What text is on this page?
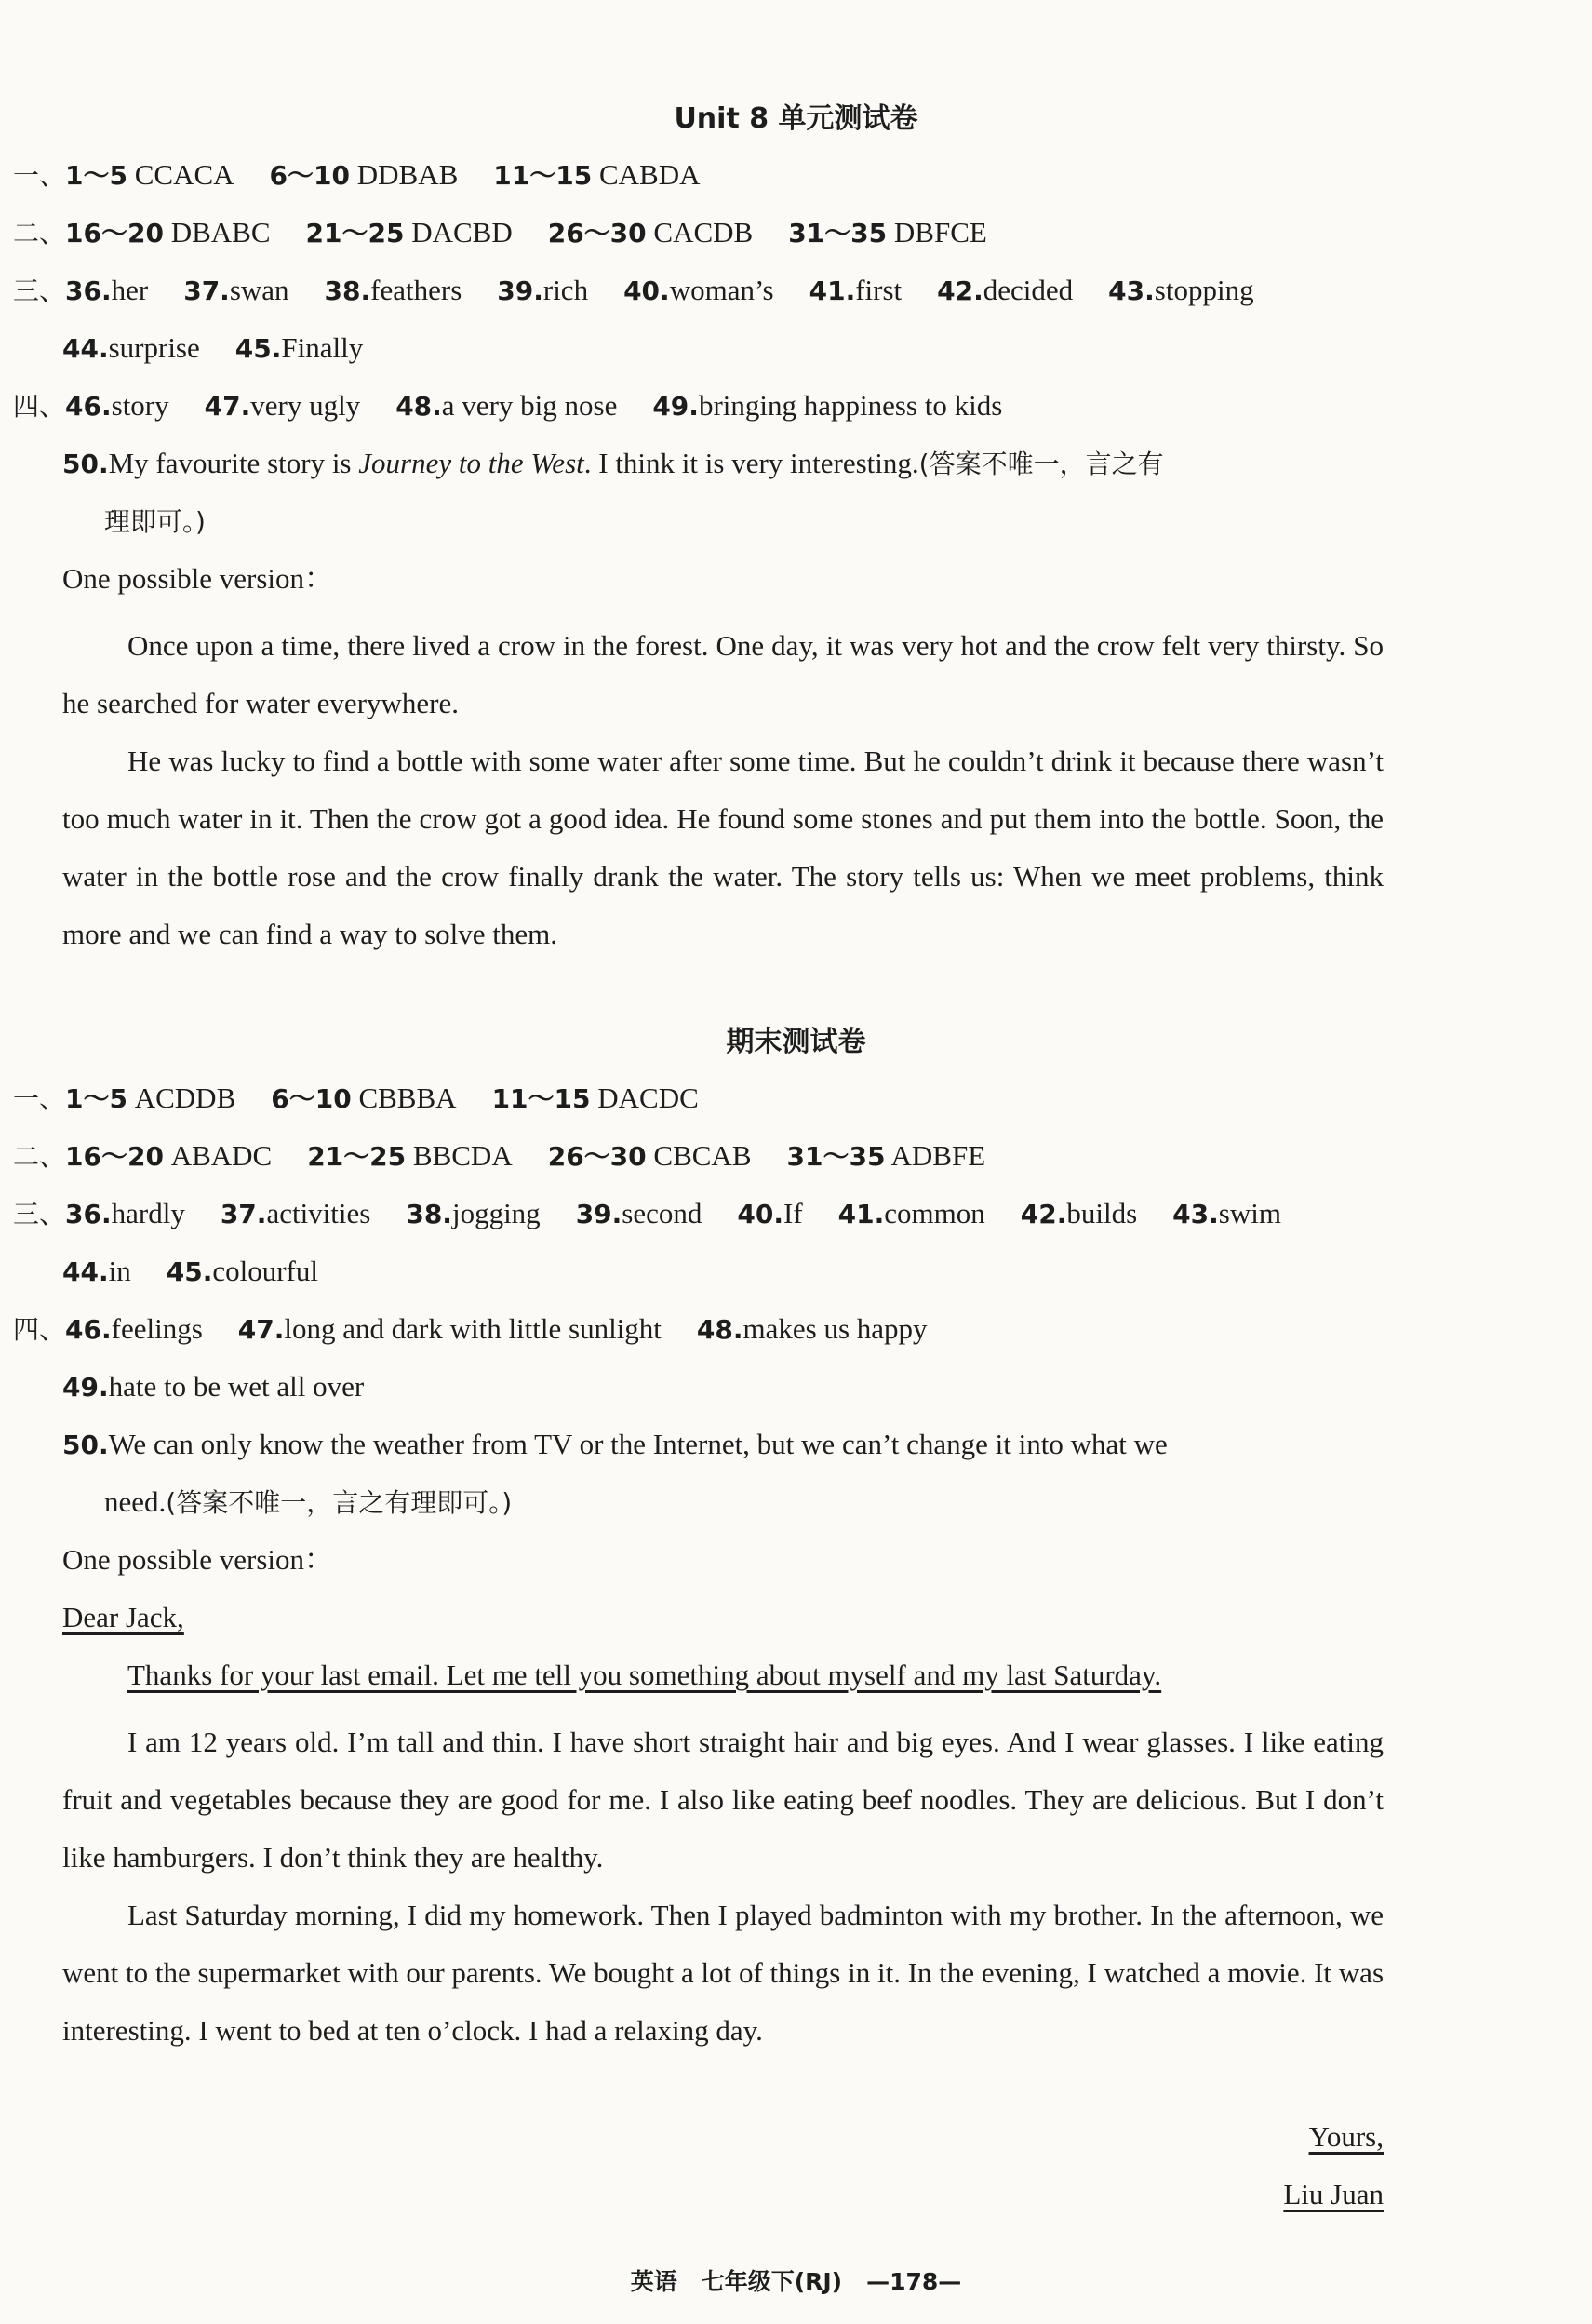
Unit 8 单元测试卷
一、1～5 CCACA 6～10 DDBAB 11～15 CABDA
二、16～20 DBABC 21～25 DACBD 26～30 CACDB 31～35 DBFCE
三、36.her 37.swan 38.feathers 39.rich 40.woman’s 41.first 42.decided 43.stopping
44.surprise 45.Finally
四、46.story 47.very ugly 48.a very big nose 49.bringing happiness to kids
50.My favourite story is Journey to the West. I think it is very interesting.(答案不唯一，言之有
理即可。)
One possible version：
Once upon a time, there lived a crow in the forest. One day, it was very hot and the crow felt very thirsty. So he searched for water everywhere.
He was lucky to find a bottle with some water after some time. But he couldn’t drink it because there wasn’t too much water in it. Then the crow got a good idea. He found some stones and put them into the bottle. Soon, the water in the bottle rose and the crow finally drank the water. The story tells us: When we meet problems, think more and we can find a way to solve them.
期末测试卷
一、1～5 ACDDB 6～10 CBBBA 11～15 DACDC
二、16～20 ABADC 21～25 BBCDA 26～30 CBCAB 31～35 ADBFE
三、36.hardly 37.activities 38.jogging 39.second 40.If 41.common 42.builds 43.swim
44.in 45.colourful
四、46.feelings 47.long and dark with little sunlight 48.makes us happy
49.hate to be wet all over
50.We can only know the weather from TV or the Internet, but we can’t change it into what we
need.(答案不唯一，言之有理即可。)
One possible version：
Dear Jack,
Thanks for your last email. Let me tell you something about myself and my last Saturday.
I am 12 years old. I’m tall and thin. I have short straight hair and big eyes. And I wear glasses. I like eating fruit and vegetables because they are good for me. I also like eating beef noodles. They are delicious. But I don’t like hamburgers. I don’t think they are healthy.
Last Saturday morning, I did my homework. Then I played badminton with my brother. In the afternoon, we went to the supermarket with our parents. We bought a lot of things in it. In the evening, I watched a movie. It was interesting. I went to bed at ten o’clock. I had a relaxing day.
Yours,
Liu Juan
英语 七年级下(RJ) —178—
